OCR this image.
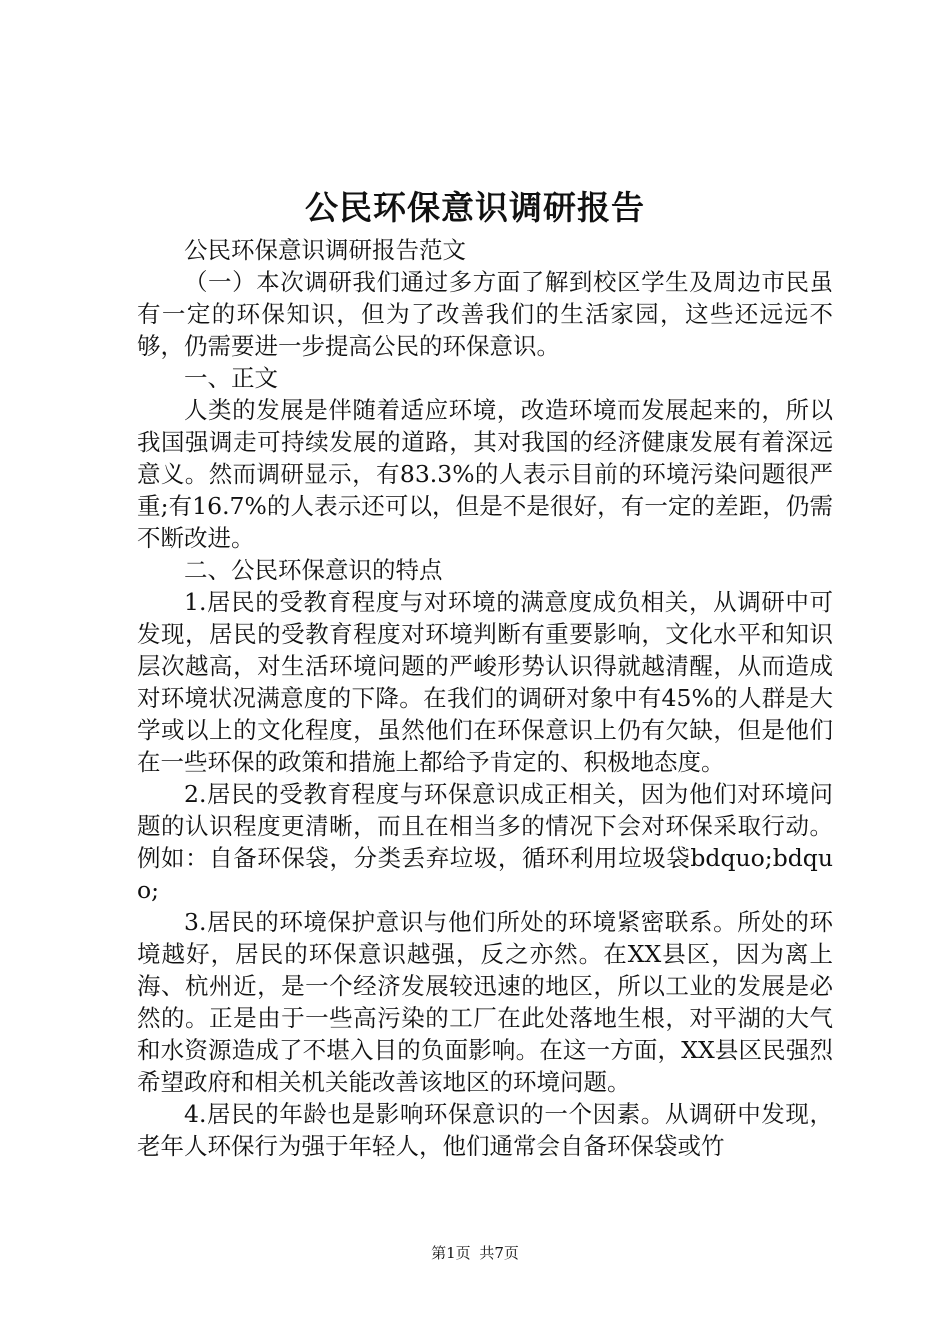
公民环保意识调研报告

公民环保意识调研报告范文

（一）本次调研我们通过多方面了解到校区学生及周边市民虽有一定的环保知识，但为了改善我们的生活家园，这些还远远不够，仍需要进一步提高公民的环保意识。

一、正文

人类的发展是伴随着适应环境，改造环境而发展起来的，所以我国强调走可持续发展的道路，其对我国的经济健康发展有着深远意义。然而调研显示，有83.3%的人表示目前的环境污染问题很严重;有16.7%的人表示还可以，但是不是很好，有一定的差距，仍需不断改进。

二、公民环保意识的特点

1.居民的受教育程度与对环境的满意度成负相关，从调研中可发现，居民的受教育程度对环境判断有重要影响，文化水平和知识层次越高，对生活环境问题的严峻形势认识得就越清醒，从而造成对环境状况满意度的下降。在我们的调研对象中有45%的人群是大学或以上的文化程度，虽然他们在环保意识上仍有欠缺，但是他们在一些环保的政策和措施上都给予肯定的、积极地态度。

2.居民的受教育程度与环保意识成正相关，因为他们对环境问题的认识程度更清晰，而且在相当多的情况下会对环保采取行动。例如：自备环保袋，分类丢弃垃圾，循环利用垃圾袋bdquo;bdquo;

3.居民的环境保护意识与他们所处的环境紧密联系。所处的环境越好，居民的环保意识越强，反之亦然。在XX县区，因为离上海、杭州近，是一个经济发展较迅速的地区，所以工业的发展是必然的。正是由于一些高污染的工厂在此处落地生根，对平湖的大气和水资源造成了不堪入目的负面影响。在这一方面，XX县区民强烈希望政府和相关机关能改善该地区的环境问题。

4.居民的年龄也是影响环保意识的一个因素。从调研中发现，老年人环保行为强于年轻人，他们通常会自备环保袋或竹

第1页 共7页
